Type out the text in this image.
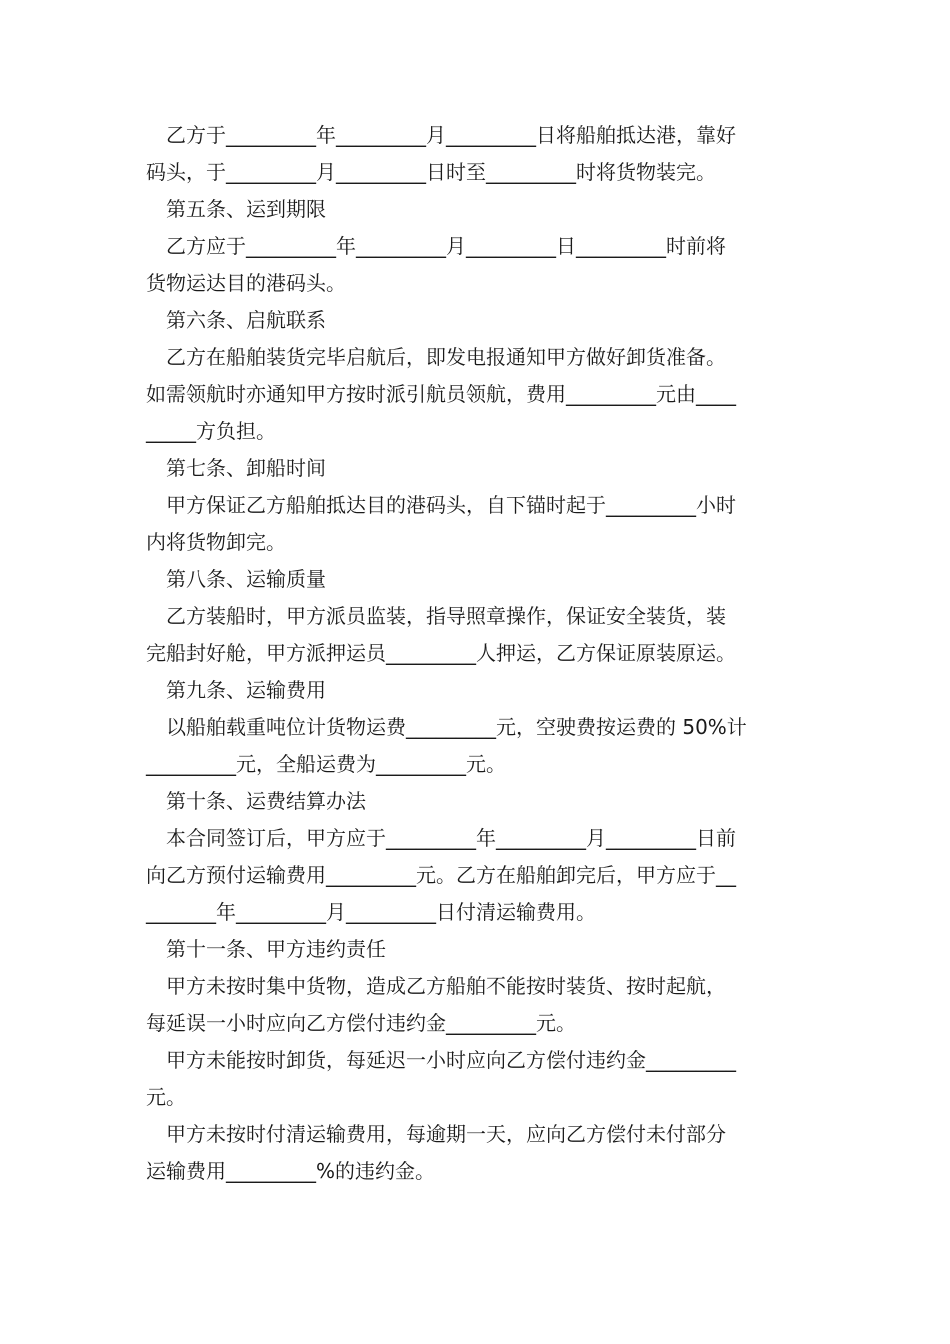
乙方于_________年_________月_________日将船舶抵达港，靠好
码头，于_________月_________日时至_________时将货物装完。
第五条、运到期限
乙方应于_________年_________月_________日_________时前将
货物运达目的港码头。
第六条、启航联系
乙方在船舶装货完毕启航后，即发电报通知甲方做好卸货准备。
如需领航时亦通知甲方按时派引航员领航，费用_________元由____
_____方负担。
第七条、卸船时间
甲方保证乙方船舶抵达目的港码头，自下锚时起于_________小时
内将货物卸完。
第八条、运输质量
乙方装船时，甲方派员监装，指导照章操作，保证安全装货，装
完船封好舱，甲方派押运员_________人押运，乙方保证原装原运。
第九条、运输费用
以船舶载重吨位计货物运费_________元，空驶费按运费的 50%计
_________元，全船运费为_________元。
第十条、运费结算办法
本合同签订后，甲方应于_________年_________月_________日前
向乙方预付运输费用_________元。乙方在船舶卸完后，甲方应于__
_______年_________月_________日付清运输费用。
第十一条、甲方违约责任
甲方未按时集中货物，造成乙方船舶不能按时装货、按时起航，
每延误一小时应向乙方偿付违约金_________元。
甲方未能按时卸货，每延迟一小时应向乙方偿付违约金_________
元。
甲方未按时付清运输费用，每逾期一天，应向乙方偿付未付部分
运输费用_________%的违约金。
